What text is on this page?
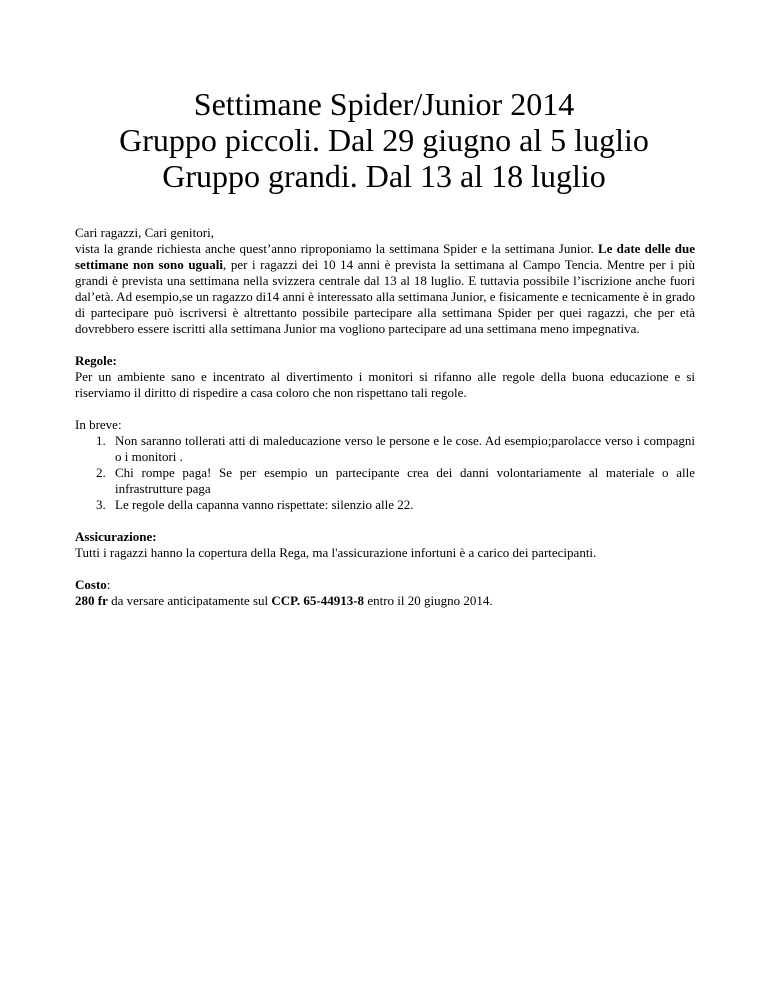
Settimane Spider/Junior 2014
Gruppo piccoli. Dal 29 giugno al 5 luglio
Gruppo grandi. Dal 13 al 18 luglio

Cari ragazzi, Cari genitori,

vista la grande richiesta anche quest’anno riproponiamo la settimana Spider e la settimana Junior. Le date delle due settimane non sono uguali, per i ragazzi dei 10 14 anni è prevista la settimana al Campo Tencia. Mentre per i più grandi è prevista una settimana nella svizzera centrale dal 13 al 18 luglio. E tuttavia possibile l’iscrizione anche fuori dal’età. Ad esempio,se un ragazzo di14 anni è interessato alla settimana Junior, e fisicamente e tecnicamente è in grado di partecipare può iscriversi è altrettanto possibile partecipare alla settimana Spider per quei ragazzi, che per età dovrebbero essere iscritti alla settimana Junior ma vogliono partecipare ad una settimana meno impegnativa.

Regole:

Per un ambiente sano e incentrato al divertimento i monitori si rifanno alle regole della buona educazione e si riserviamo il diritto di rispedire a casa coloro che non rispettano tali regole.

In breve:

1. Non saranno tollerati atti di maleducazione verso le persone e le cose. Ad esempio;parolacce verso i compagni o i monitori .
2. Chi rompe paga! Se per esempio un partecipante crea dei danni volontariamente al materiale o alle infrastrutture paga
3. Le regole della capanna vanno rispettate: silenzio alle 22.

Assicurazione:

Tutti i ragazzi hanno la copertura della Rega, ma l'assicurazione infortuni è a carico dei partecipanti.

Costo:

280 fr da versare anticipatamente sul CCP. 65-44913-8 entro il 20 giugno 2014.
